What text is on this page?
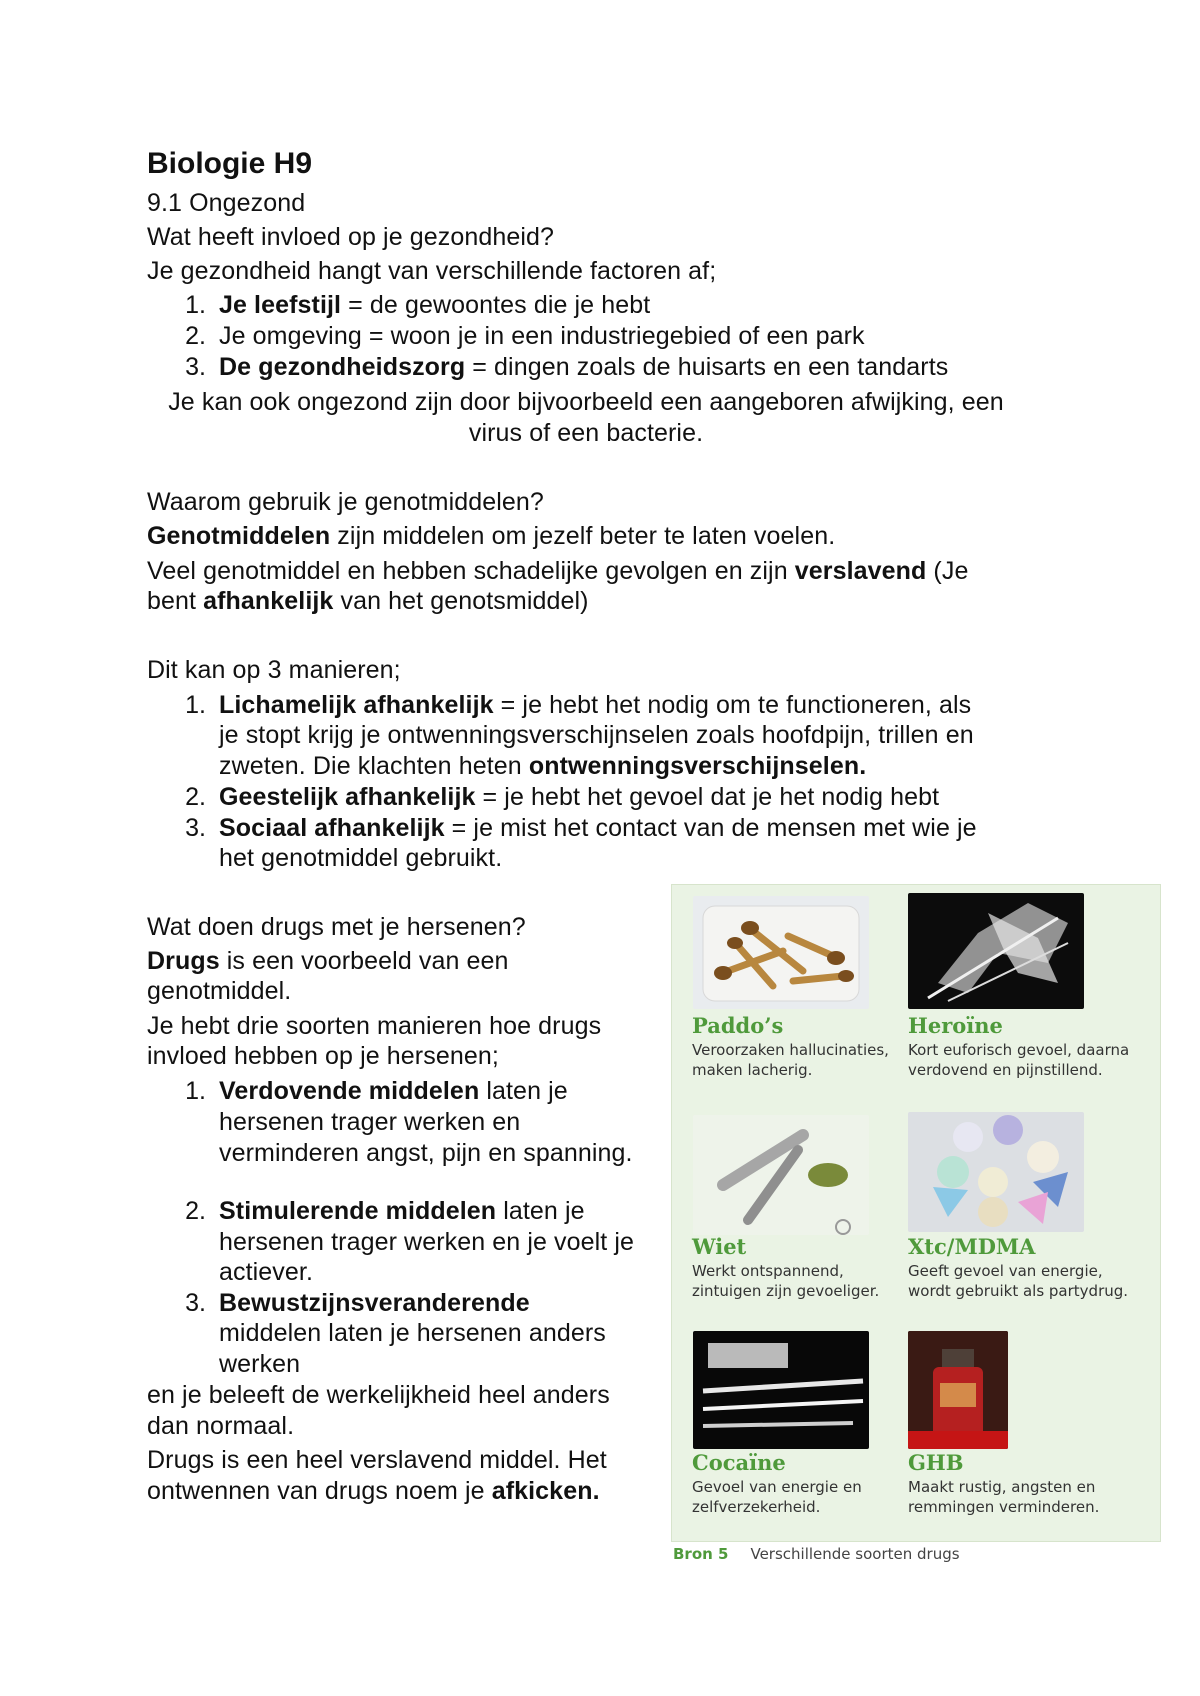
Biologie H9
9.1 Ongezond
Wat heeft invloed op je gezondheid?
Je gezondheid hangt van verschillende factoren af;
1. Je leefstijl = de gewoontes die je hebt
2. Je omgeving = woon je in een industriegebied of een park
3. De gezondheidszorg = dingen zoals de huisarts en een tandarts
Je kan ook ongezond zijn door bijvoorbeeld een aangeboren afwijking, een
virus of een bacterie.
Waarom gebruik je genotmiddelen?
Genotmiddelen zijn middelen om jezelf beter te laten voelen.
Veel genotmiddel en hebben schadelijke gevolgen en zijn verslavend (Je
bent afhankelijk van het genotsmiddel)
Dit kan op 3 manieren;
1. Lichamelijk afhankelijk = je hebt het nodig om te functioneren, als
je stopt krijg je ontwenningsverschijnselen zoals hoofdpijn, trillen en
zweten. Die klachten heten ontwenningsverschijnselen.
2. Geestelijk afhankelijk = je hebt het gevoel dat je het nodig hebt
3. Sociaal afhankelijk = je mist het contact van de mensen met wie je
het genotmiddel gebruikt.
Wat doen drugs met je hersenen?
Drugs is een voorbeeld van een
genotmiddel.
Je hebt drie soorten manieren hoe drugs
invloed hebben op je hersenen;
1. Verdovende middelen laten je
hersenen trager werken en
verminderen angst, pijn en spanning.
2. Stimulerende middelen laten je
hersenen trager werken en je voelt je
actiever.
3. Bewustzijnsveranderende
middelen laten je hersenen anders
werken
en je beleeft de werkelijkheid heel anders
dan normaal.
Drugs is een heel verslavend middel. Het
ontwennen van drugs noem je afkicken.
Paddo’s
Veroorzaken hallucinaties,
maken lacherig.
Heroïne
Kort euforisch gevoel, daarna
verdovend en pijnstillend.
Wiet
Werkt ontspannend,
zintuigen zijn gevoeliger.
Xtc/MDMA
Geeft gevoel van energie,
wordt gebruikt als partydrug.
Cocaïne
Gevoel van energie en
zelfverzekerheid.
GHB
Maakt rustig, angsten en
remmingen verminderen.
Bron 5 Verschillende soorten drugs
